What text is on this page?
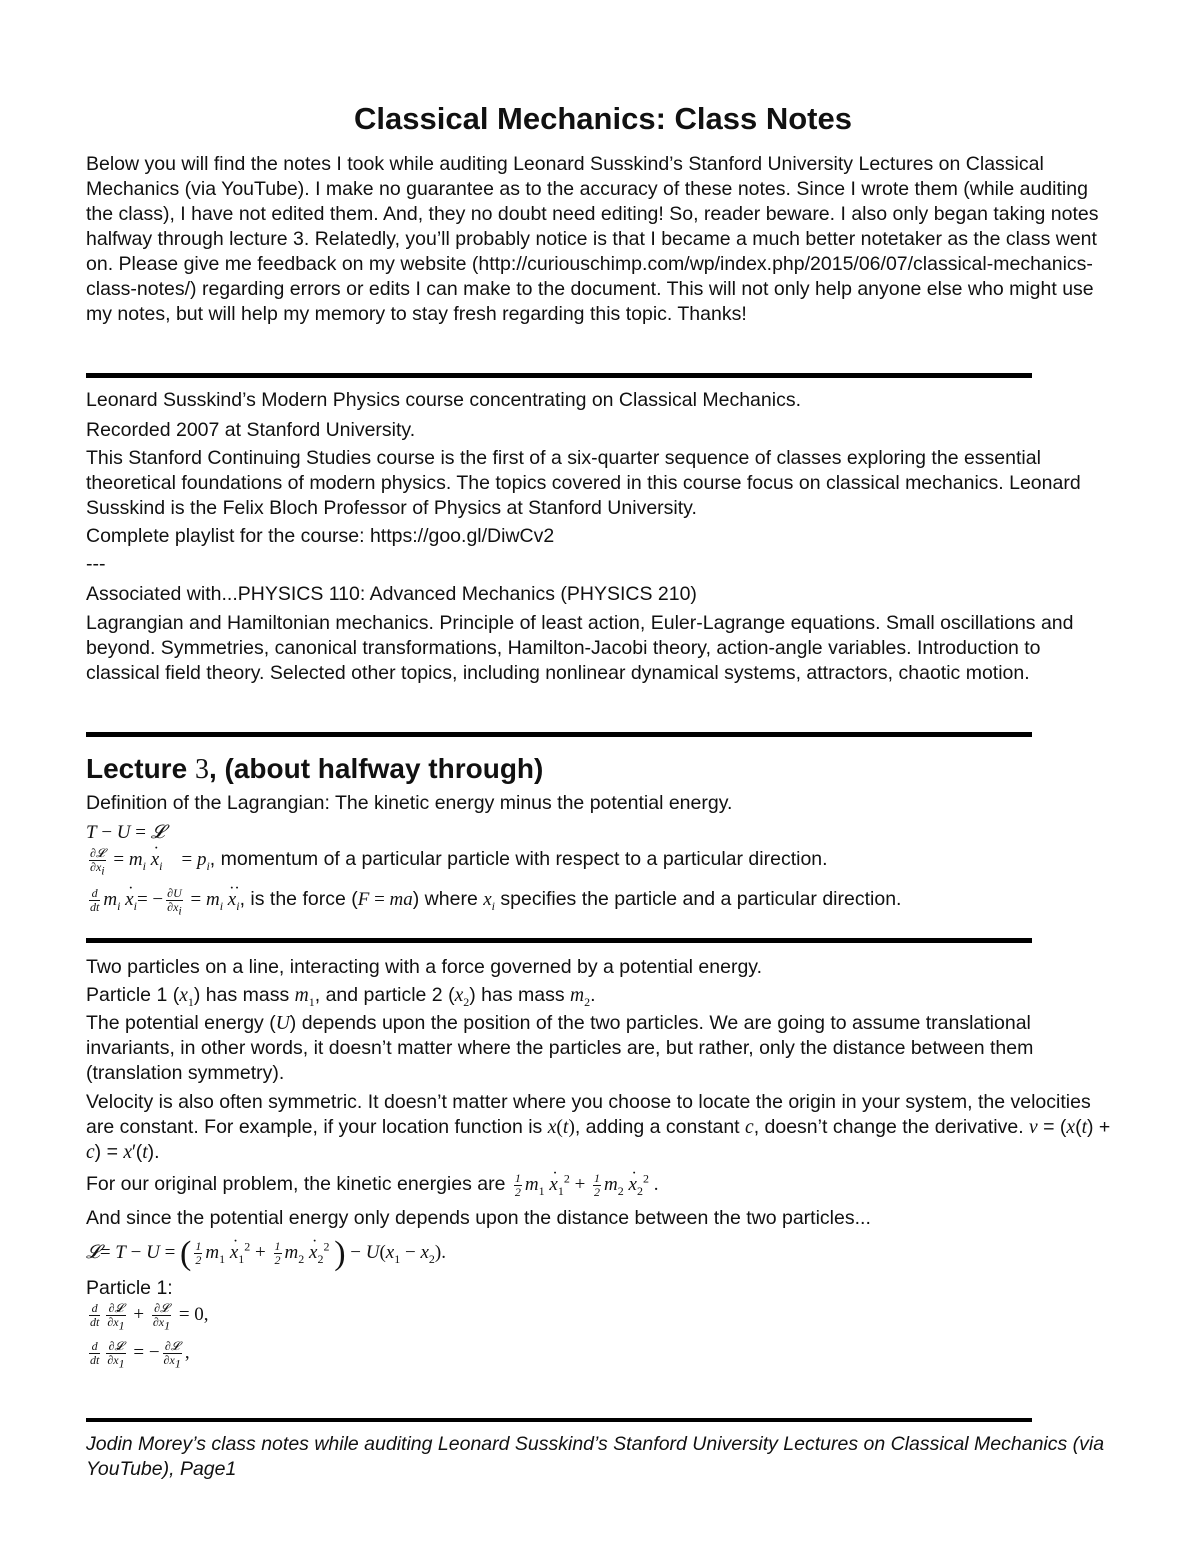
Classical Mechanics: Class Notes
Below you will find the notes I took while auditing Leonard Susskind’s Stanford University Lectures on Classical Mechanics (via YouTube). I make no guarantee as to the accuracy of these notes. Since I wrote them (while auditing the class), I have not edited them. And, they no doubt need editing! So, reader beware. I also only began taking notes halfway through lecture 3. Relatedly, you’ll probably notice is that I became a much better notetaker as the class went on. Please give me feedback on my website (http://curiouschimp.com/wp/index.php/2015/06/07/classical-mechanics-class-notes/) regarding errors or edits I can make to the document. This will not only help anyone else who might use my notes, but will help my memory to stay fresh regarding this topic. Thanks!
Leonard Susskind’s Modern Physics course concentrating on Classical Mechanics.
Recorded 2007 at Stanford University.
This Stanford Continuing Studies course is the first of a six-quarter sequence of classes exploring the essential theoretical foundations of modern physics. The topics covered in this course focus on classical mechanics. Leonard Susskind is the Felix Bloch Professor of Physics at Stanford University.
Complete playlist for the course: https://goo.gl/DiwCv2
---
Associated with...PHYSICS 110: Advanced Mechanics (PHYSICS 210)
Lagrangian and Hamiltonian mechanics. Principle of least action, Euler-Lagrange equations. Small oscillations and beyond. Symmetries, canonical transformations, Hamilton-Jacobi theory, action-angle variables. Introduction to classical field theory. Selected other topics, including nonlinear dynamical systems, attractors, chaotic motion.
Lecture 3, (about halfway through)
Definition of the Lagrangian: The kinetic energy minus the potential energy.
T − U = 𝓛
$\frac{\text{∂𝓛}}{\partial\cdot x_i} = m_i \cdot x_i$    = $p_i$, momentum of a particular particle with respect to a particular direction.
$\frac{d}{dt} m_i \cdot x_i= - \frac{\partial U}{\partial x_i} = m_i \cdot\cdot x_i$, is the force (F = ma) where $x_i$ specifies the particle and a particular direction.
Two particles on a line, interacting with a force governed by a potential energy.
Particle 1 $(x_1)$ has mass $m_1$, and particle 2 $(x_2)$ has mass $m_2$.
The potential energy (U) depends upon the position of the two particles. We are going to assume translational invariants, in other words, it doesn’t matter where the particles are, but rather, only the distance between them (translation symmetry).
Velocity is also often symmetric. It doesn’t matter where you choose to locate the origin in your system, the velocities are constant. For example, if your location function is x(t), adding a constant c, doesn’t change the derivative. v = (x(t) + c) = x′(t).
For our original problem, the kinetic energies are $\frac{1}{2} m_1 \cdot x_1^2 + \frac{1}{2} m_2 \cdot x_2^2$ .
And since the potential energy only depends upon the distance between the two particles...
𝓛= T − U = ( $\frac{1}{2} m_1 \cdot x_1^2 + \frac{1}{2} m_2 \cdot x_2^2$ ) − $U(x_1 - x_2)$.
Particle 1:
$\frac{d}{dt} \frac{\text{∂𝓛}}{\partial\cdot x_1} + \frac{\text{∂𝓛}}{\partial x_1} = 0$,
$\frac{d}{dt} \frac{\text{∂𝓛}}{\partial\cdot x_1}$ = − $\frac{\text{∂𝓛}}{\partial x_1}$ ,
Jodin Morey’s class notes while auditing Leonard Susskind’s Stanford University Lectures on Classical Mechanics (via YouTube), Page1
